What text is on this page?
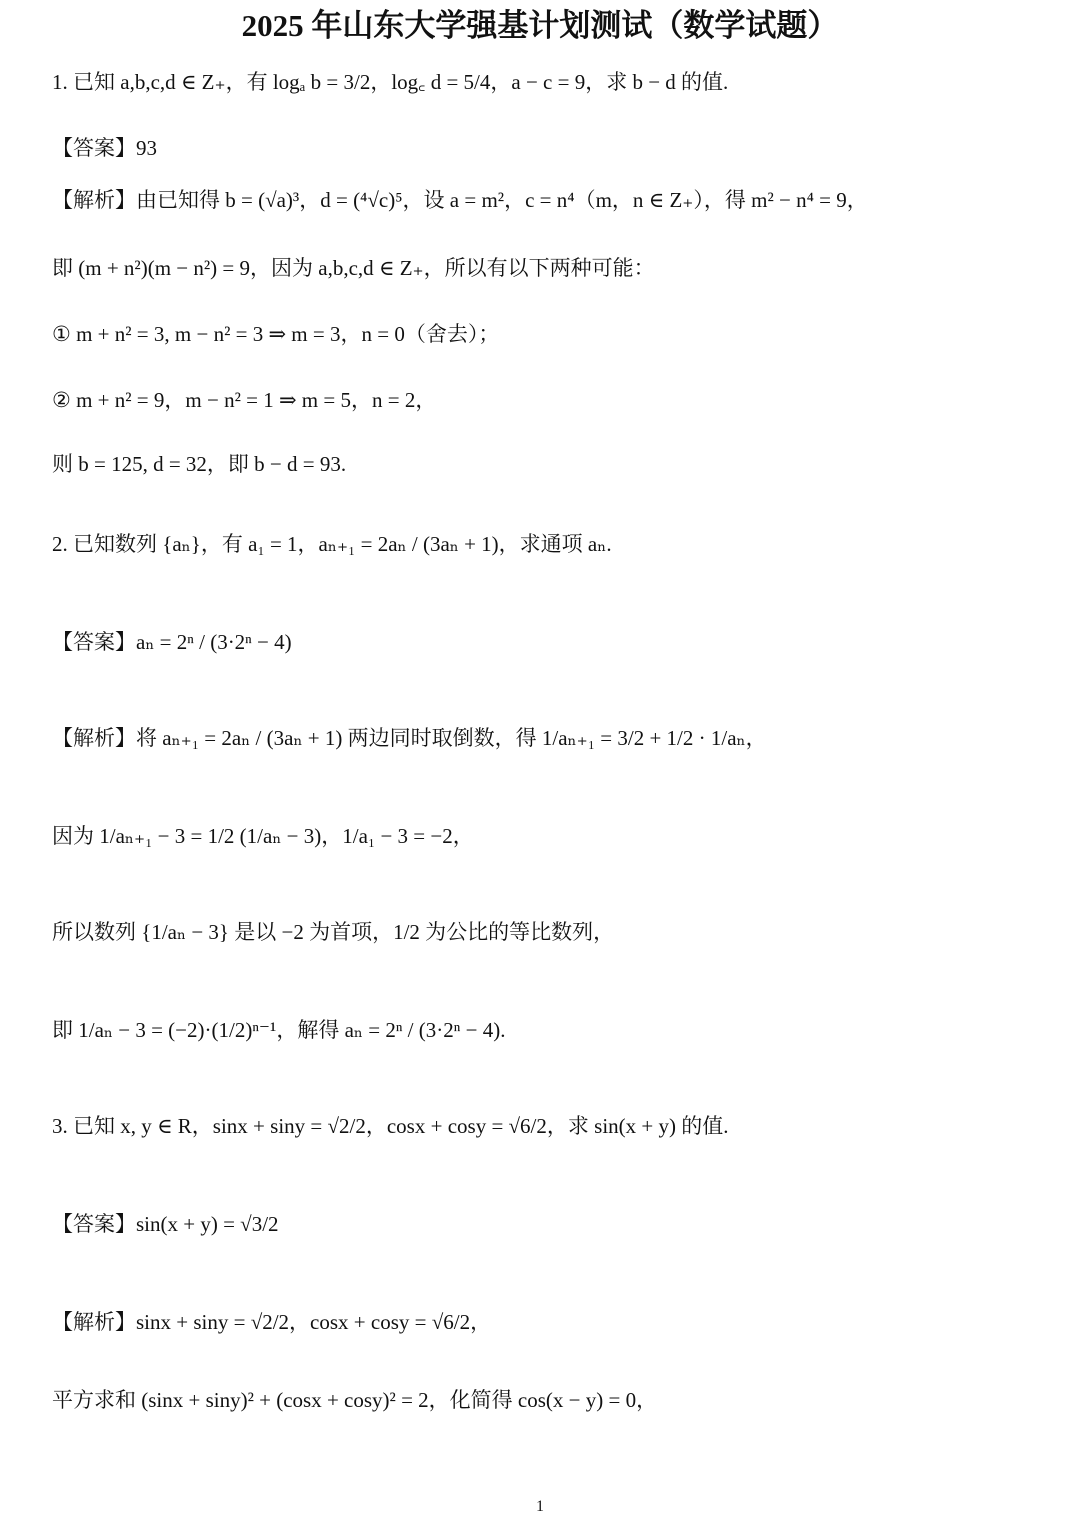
2025 年山东大学强基计划测试（数学试题）
1. 已知 a,b,c,d ∈ Z₊，有 logₐ b = 3/2，log꜀ d = 5/4，a − c = 9，求 b − d 的值.
【答案】93
【解析】由已知得 b = (√a)³，d = (⁴√c)⁵，设 a = m²，c = n⁴（m，n ∈ Z₊），得 m² − n⁴ = 9，
即 (m + n²)(m − n²) = 9，因为 a,b,c,d ∈ Z₊，所以有以下两种可能：
① m + n² = 3, m − n² = 3 ⇒ m = 3，n = 0（舍去）；
② m + n² = 9，m − n² = 1 ⇒ m = 5，n = 2，
则 b = 125, d = 32，即 b − d = 93.
2. 已知数列 {aₙ}，有 a₁ = 1，aₙ₊₁ = 2aₙ / (3aₙ + 1)，求通项 aₙ.
【答案】aₙ = 2ⁿ / (3·2ⁿ − 4)
【解析】将 aₙ₊₁ = 2aₙ / (3aₙ + 1) 两边同时取倒数，得 1/aₙ₊₁ = 3/2 + 1/2 · 1/aₙ，
因为 1/aₙ₊₁ − 3 = 1/2 (1/aₙ − 3)，1/a₁ − 3 = −2，
所以数列 {1/aₙ − 3} 是以 −2 为首项，1/2 为公比的等比数列，
即 1/aₙ − 3 = (−2)·(1/2)ⁿ⁻¹，解得 aₙ = 2ⁿ / (3·2ⁿ − 4).
3. 已知 x, y ∈ R，sinx + siny = √2/2，cosx + cosy = √6/2，求 sin(x + y) 的值.
【答案】sin(x + y) = √3/2
【解析】sinx + siny = √2/2，cosx + cosy = √6/2，
平方求和 (sinx + siny)² + (cosx + cosy)² = 2，化简得 cos(x − y) = 0，
1
